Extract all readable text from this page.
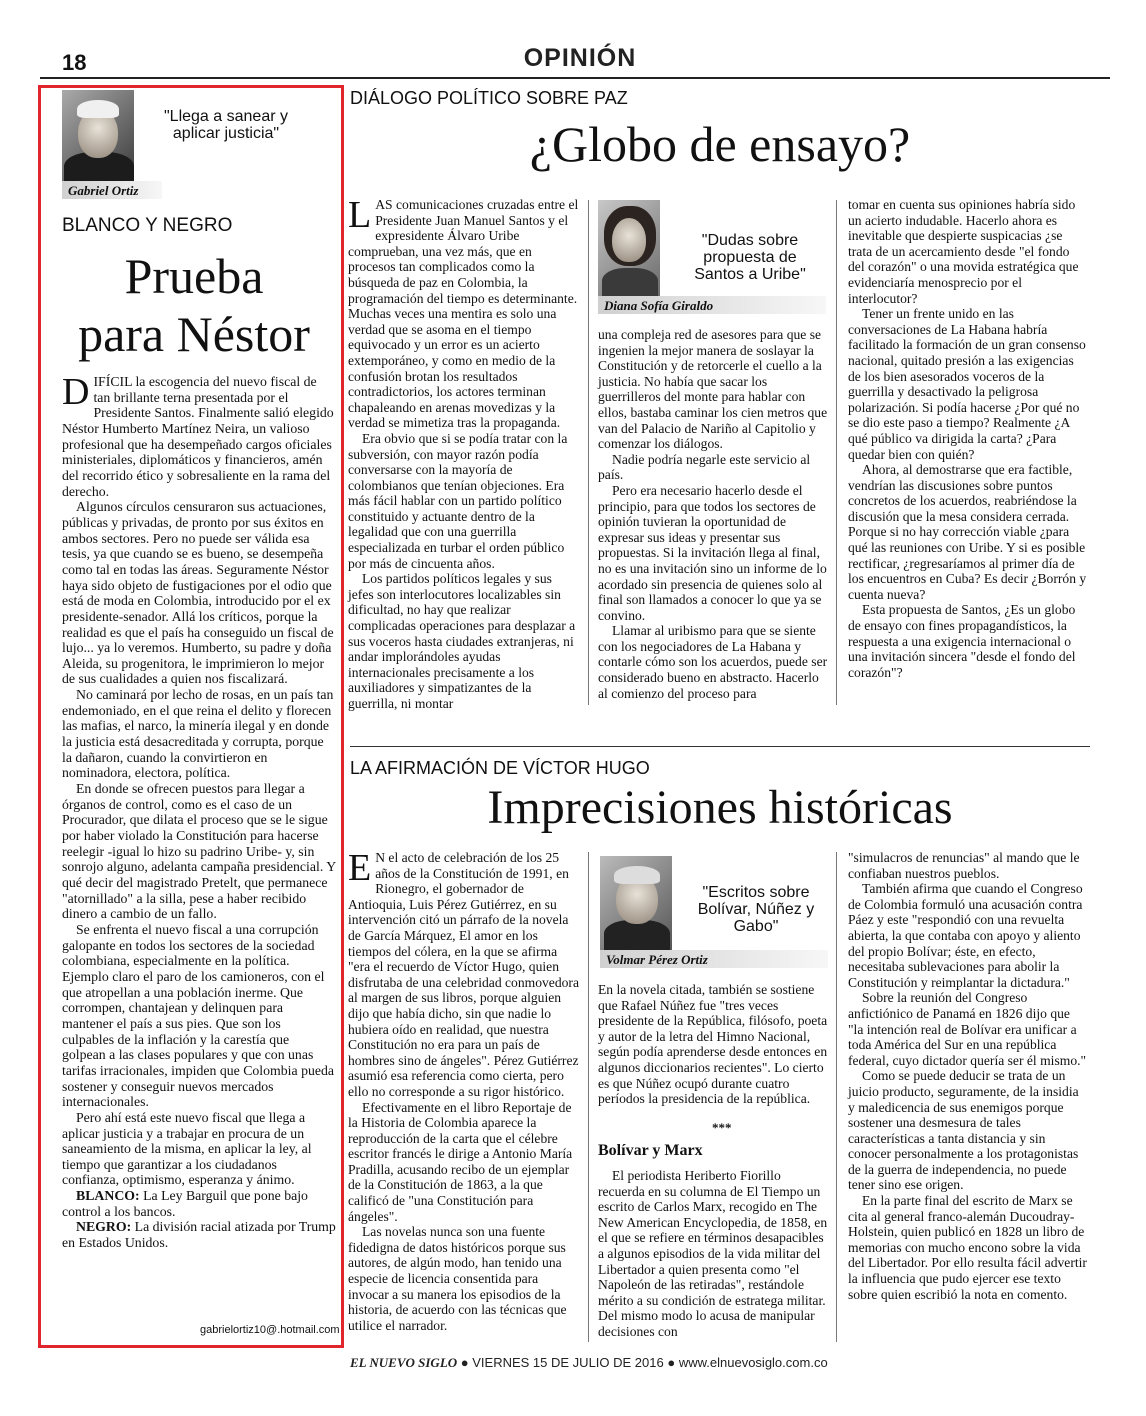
18	OPINIÓN
Gabriel Ortiz
"Llega a sanear y aplicar justicia"
BLANCO Y NEGRO
Prueba
para Néstor

DIFÍCIL la escogencia del nuevo fiscal de tan brillante terna presentada por el Presidente Santos. Finalmente salió elegido Néstor Humberto Martínez Neira, un valioso profesional que ha desempeñado cargos oficiales ministeriales, diplomáticos y financieros, amén del recorrido ético y sobresaliente en la rama del derecho.

Algunos círculos censuraron sus actuaciones, públicas y privadas, de pronto por sus éxitos en ambos sectores. Pero no puede ser válida esa tesis, ya que cuando se es bueno, se desempeña como tal en todas las áreas. Seguramente Néstor haya sido objeto de fustigaciones por el odio que está de moda en Colombia, introducido por el ex presidente-senador. Allá los críticos, porque la realidad es que el país ha conseguido un fiscal de lujo... ya lo veremos. Humberto, su padre y doña Aleida, su progenitora, le imprimieron lo mejor de sus cualidades a quien nos fiscalizará.

No caminará por lecho de rosas, en un país tan endemoniado, en el que reina el delito y florecen las mafias, el narco, la minería ilegal y en donde la justicia está desacreditada y corrupta, porque la dañaron, cuando la convirtieron en nominadora, electora, política.

En donde se ofrecen puestos para llegar a órganos de control, como es el caso de un Procurador, que dilata el proceso que se le sigue por haber violado la Constitución para hacerse reelegir -igual lo hizo su padrino Uribe- y, sin sonrojo alguno, adelanta campaña presidencial. Y qué decir del magistrado Pretelt, que permanece "atornillado" a la silla, pese a haber recibido dinero a cambio de un fallo.

Se enfrenta el nuevo fiscal a una corrupción galopante en todos los sectores de la sociedad colombiana, especialmente en la política. Ejemplo claro el paro de los camioneros, con el que atropellan a una población inerme. Que corrompen, chantajean y delinquen para mantener el país a sus pies. Que son los culpables de la inflación y la carestía que golpean a las clases populares y que con unas tarifas irracionales, impiden que Colombia pueda sostener y conseguir nuevos mercados internacionales.

Pero ahí está este nuevo fiscal que llega a aplicar justicia y a trabajar en procura de un saneamiento de la misma, en aplicar la ley, al tiempo que garantizar a los ciudadanos confianza, optimismo, esperanza y ánimo.

BLANCO: La Ley Barguil que pone bajo control a los bancos.

NEGRO: La división racial atizada por Trump en Estados Unidos.

gabrielortiz10@.hotmail.com
DIÁLOGO POLÍTICO SOBRE PAZ
¿Globo de ensayo?

LAS comunicaciones cruzadas entre el Presidente Juan Manuel Santos y el expresidente Álvaro Uribe comprueban, una vez más, que en procesos tan complicados como la búsqueda de paz en Colombia, la programación del tiempo es determinante. Muchas veces una mentira es solo una verdad que se asoma en el tiempo equivocado y un error es un acierto extemporáneo, y como en medio de la confusión brotan los resultados contradictorios, los actores terminan chapaleando en arenas movedizas y la verdad se mimetiza tras la propaganda.

Era obvio que si se podía tratar con la subversión, con mayor razón podía conversarse con la mayoría de colombianos que tenían objeciones. Era más fácil hablar con un partido político constituido y actuante dentro de la legalidad que con una guerrilla especializada en turbar el orden público por más de cincuenta años.

Los partidos políticos legales y sus jefes son interlocutores localizables sin dificultad, no hay que realizar complicadas operaciones para desplazar a sus voceros hasta ciudades extranjeras, ni andar implorándoles ayudas internacionales precisamente a los auxiliadores y simpatizantes de la guerrilla, ni montar

Diana Sofía Giraldo
"Dudas sobre propuesta de Santos a Uribe"

una compleja red de asesores para que se ingenien la mejor manera de soslayar la Constitución y de retorcerle el cuello a la justicia. No había que sacar los guerrilleros del monte para hablar con ellos, bastaba caminar los cien metros que van del Palacio de Nariño al Capitolio y comenzar los diálogos.

Nadie podría negarle este servicio al país.

Pero era necesario hacerlo desde el principio, para que todos los sectores de opinión tuvieran la oportunidad de expresar sus ideas y presentar sus propuestas. Si la invitación llega al final, no es una invitación sino un informe de lo acordado sin presencia de quienes solo al final son llamados a conocer lo que ya se convino.

Llamar al uribismo para que se siente con los negociadores de La Habana y contarle cómo son los acuerdos, puede ser considerado bueno en abstracto. Hacerlo al comienzo del proceso para

tomar en cuenta sus opiniones habría sido un acierto indudable. Hacerlo ahora es inevitable que despierte suspicacias ¿se trata de un acercamiento desde "el fondo del corazón" o una movida estratégica que evidenciaría menosprecio por el interlocutor?

Tener un frente unido en las conversaciones de La Habana habría facilitado la formación de un gran consenso nacional, quitado presión a las exigencias de los bien asesorados voceros de la guerrilla y desactivado la peligrosa polarización. Si podía hacerse ¿Por qué no se dio este paso a tiempo? Realmente ¿A qué público va dirigida la carta? ¿Para quedar bien con quién?

Ahora, al demostrarse que era factible, vendrían las discusiones sobre puntos concretos de los acuerdos, reabriéndose la discusión que la mesa considera cerrada. Porque si no hay corrección viable ¿para qué las reuniones con Uribe. Y si es posible rectificar, ¿regresaríamos al primer día de los encuentros en Cuba? Es decir ¿Borrón y cuenta nueva?

Esta propuesta de Santos, ¿Es un globo de ensayo con fines propagandísticos, la respuesta a una exigencia internacional o una invitación sincera "desde el fondo del corazón"?

LA AFIRMACIÓN DE VÍCTOR HUGO
Imprecisiones históricas

E N el acto de celebración de los 25 años de la Constitución de 1991, en Rionegro, el gobernador de Antioquia, Luis Pérez Gutiérrez, en su intervención citó un párrafo de la novela de García Márquez, El amor en los tiempos del cólera, en la que se afirma "era el recuerdo de Víctor Hugo, quien disfrutaba de una celebridad conmovedora al margen de sus libros, porque alguien dijo que había dicho, sin que nadie lo hubiera oído en realidad, que nuestra Constitución no era para un país de hombres sino de ángeles". Pérez Gutiérrez asumió esa referencia como cierta, pero ello no corresponde a su rigor histórico.

Efectivamente en el libro Reportaje de la Historia de Colombia aparece la reproducción de la carta que el célebre escritor francés le dirige a Antonio María Pradilla, acusando recibo de un ejemplar de la Constitución de 1863, a la que calificó de "una Constitución para ángeles".

Las novelas nunca son una fuente fidedigna de datos históricos porque sus autores, de algún modo, han tenido una especie de licencia consentida para invocar a su manera los episodios de la historia, de acuerdo con las técnicas que utilice el narrador.

Volmar Pérez Ortiz
"Escritos sobre Bolívar, Núñez y Gabo"

En la novela citada, también se sostiene que Rafael Núñez fue "tres veces presidente de la República, filósofo, poeta y autor de la letra del Himno Nacional, según podía aprenderse desde entonces en algunos diccionarios recientes". Lo cierto es que Núñez ocupó durante cuatro períodos la presidencia de la república.

***
Bolívar y Marx

El periodista Heriberto Fiorillo recuerda en su columna de El Tiempo un escrito de Carlos Marx, recogido en The New American Encyclopedia, de 1858, en el que se refiere en términos desapacibles a algunos episodios de la vida militar del Libertador a quien presenta como "el Napoleón de las retiradas", restándole mérito a su condición de estratega militar. Del mismo modo lo acusa de manipular decisiones con

"simulacros de renuncias" al mando que le confiaban nuestros pueblos.

También afirma que cuando el Congreso de Colombia formuló una acusación contra Páez y este "respondió con una revuelta abierta, la que contaba con apoyo y aliento del propio Bolívar; éste, en efecto, necesitaba sublevaciones para abolir la Constitución y reimplantar la dictadura."

Sobre la reunión del Congreso anfictiónico de Panamá en 1826 dijo que "la intención real de Bolívar era unificar a toda América del Sur en una república federal, cuyo dictador quería ser él mismo."

Como se puede deducir se trata de un juicio producto, seguramente, de la insidia y maledicencia de sus enemigos porque sostener una desmesura de tales características a tanta distancia y sin conocer personalmente a los protagonistas de la guerra de independencia, no puede tener sino ese origen.

En la parte final del escrito de Marx se cita al general franco-alemán Ducoudray-Holstein, quien publicó en 1828 un libro de memorias con mucho encono sobre la vida del Libertador. Por ello resulta fácil advertir la influencia que pudo ejercer ese texto sobre quien escribió la nota en comento.

EL NUEVO SIGLO ● VIERNES 15 DE JULIO DE 2016 ● www.elnuevosiglo.com.co
